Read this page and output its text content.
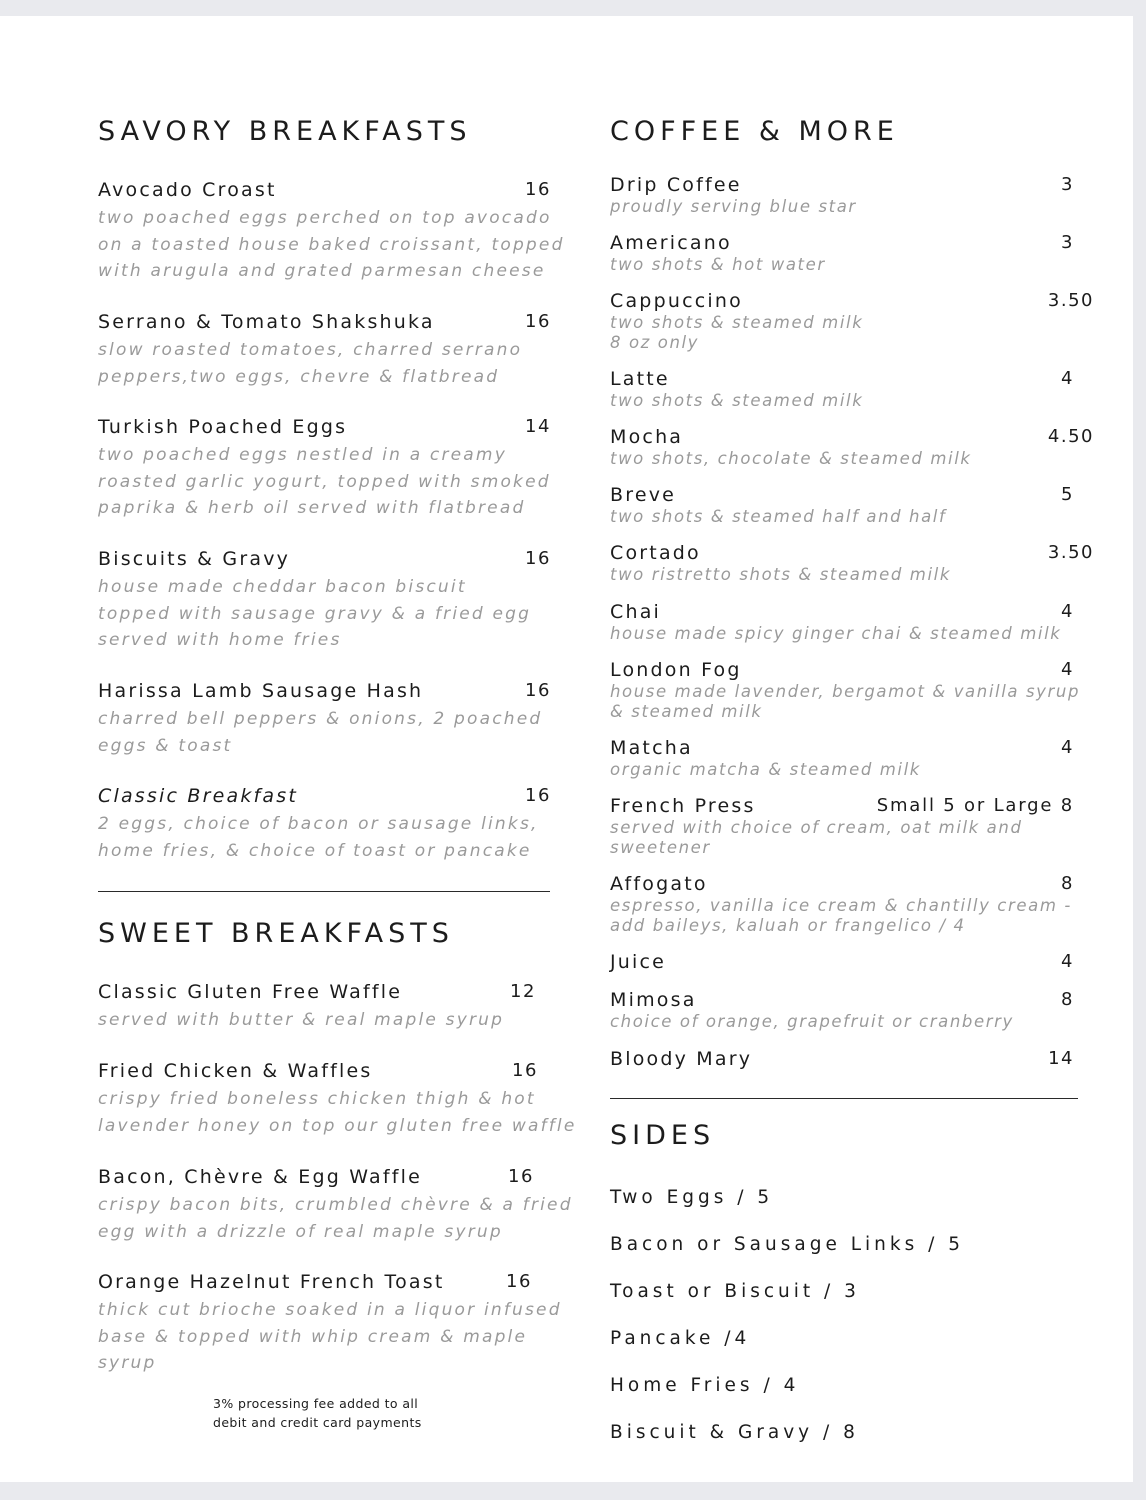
SAVORY BREAKFASTS
Avocado Croast	16
two poached eggs perched on top avocado
on a toasted house baked croissant, topped
with arugula and grated parmesan cheese
Serrano & Tomato Shakshuka	16
slow roasted tomatoes, charred serrano
peppers,two eggs, chevre & flatbread
Turkish Poached Eggs	14
two poached eggs nestled in a creamy
roasted garlic yogurt, topped with smoked
paprika & herb oil served with flatbread
Biscuits & Gravy	16
house made cheddar bacon biscuit
topped with sausage gravy & a fried egg
served with home fries
Harissa Lamb Sausage Hash	16
charred bell peppers & onions, 2 poached
eggs & toast
Classic Breakfast	16
2 eggs, choice of bacon or sausage links,
home fries, & choice of toast or pancake
SWEET BREAKFASTS
Classic Gluten Free Waffle	12
served with butter & real maple syrup
Fried Chicken & Waffles	16
crispy fried boneless chicken thigh & hot
lavender honey on top our gluten free waffle
Bacon, Chèvre & Egg Waffle	16
crispy bacon bits, crumbled chèvre & a fried
egg with a drizzle of real maple syrup
Orange Hazelnut French Toast	16
thick cut brioche soaked in a liquor infused
base & topped with whip cream & maple
syrup
3% processing fee added to all
debit and credit card payments
COFFEE & MORE
Drip Coffee	3
proudly serving blue star
Americano	3
two shots & hot water
Cappuccino	3.50
two shots & steamed milk
8 oz only
Latte	4
two shots & steamed milk
Mocha	4.50
two shots, chocolate & steamed milk
Breve	5
two shots & steamed half and half
Cortado	3.50
two ristretto shots & steamed milk
Chai	4
house made spicy ginger chai & steamed milk
London Fog	4
house made lavender, bergamot & vanilla syrup
& steamed milk
Matcha	4
organic matcha & steamed milk
French Press	Small 5 or Large 8
served with choice of cream, oat milk and
sweetener
Affogato	8
espresso, vanilla ice cream & chantilly cream -
add baileys, kaluah or frangelico / 4
Juice	4
Mimosa	8
choice of orange, grapefruit or cranberry
Bloody Mary	14
SIDES
Two Eggs / 5
Bacon or Sausage Links / 5
Toast or Biscuit / 3
Pancake /4
Home Fries / 4
Biscuit & Gravy / 8
